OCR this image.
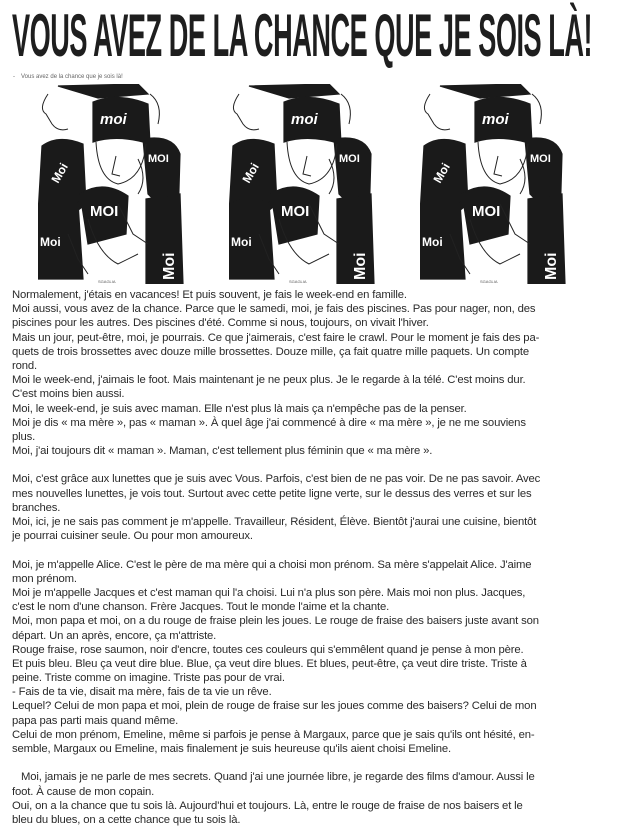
VOUS AVEZ DE LA CHANCE QUE JE SOIS LÀ!
- Vous avez de la chance que je sois là!
moi
MOI
Moi
MOI
Moi
Moi
SGAGLIA
moi
MOI
Moi
MOI
Moi
Moi
SGAGLIA
moi
MOI
Moi
MOI
Moi
Moi
SGAGLIA
Normalement, j'étais en vacances! Et puis souvent, je fais le week-end en famille.
Moi aussi, vous avez de la chance. Parce que le samedi, moi, je fais des piscines. Pas pour nager, non, des
piscines pour les autres. Des piscines d'été. Comme si nous, toujours, on vivait l'hiver.
Mais un jour, peut-être, moi, je pourrais. Ce que j'aimerais, c'est faire le crawl. Pour le moment je fais des pa-
quets de trois brossettes avec douze mille brossettes. Douze mille, ça fait quatre mille paquets. Un compte
rond.
Moi le week-end, j'aimais le foot. Mais maintenant je ne peux plus. Je le regarde à la télé. C'est moins dur.
C'est moins bien aussi.
Moi, le week-end, je suis avec maman. Elle n'est plus là mais ça n'empêche pas de la penser.
Moi je dis « ma mère », pas « maman ». À quel âge j'ai commencé à dire « ma mère », je ne me souviens
plus.
Moi, j'ai toujours dit « maman ». Maman, c'est tellement plus féminin que « ma mère ».
Moi, c'est grâce aux lunettes que je suis avec Vous. Parfois, c'est bien de ne pas voir. De ne pas savoir. Avec
mes nouvelles lunettes, je vois tout. Surtout avec cette petite ligne verte, sur le dessus des verres et sur les
branches.
Moi, ici, je ne sais pas comment je m'appelle. Travailleur, Résident, Élève. Bientôt j'aurai une cuisine, bientôt
je pourrai cuisiner seule. Ou pour mon amoureux.
Moi, je m'appelle Alice. C'est le père de ma mère qui a choisi mon prénom. Sa mère s'appelait Alice. J'aime
mon prénom.
Moi je m'appelle Jacques et c'est maman qui l'a choisi. Lui n'a plus son père. Mais moi non plus. Jacques,
c'est le nom d'une chanson. Frère Jacques. Tout le monde l'aime et la chante.
Moi, mon papa et moi, on a du rouge de fraise plein les joues. Le rouge de fraise des baisers juste avant son
départ. Un an après, encore, ça m'attriste.
Rouge fraise, rose saumon, noir d'encre, toutes ces couleurs qui s'emmêlent quand je pense à mon père.
Et puis bleu. Bleu ça veut dire blue. Blue, ça veut dire blues. Et blues, peut-être, ça veut dire triste. Triste à
peine. Triste comme on imagine. Triste pas pour de vrai.
- Fais de ta vie, disait ma mère, fais de ta vie un rêve.
Lequel? Celui de mon papa et moi, plein de rouge de fraise sur les joues comme des baisers? Celui de mon
papa pas parti mais quand même.
Celui de mon prénom, Emeline, même si parfois je pense à Margaux, parce que je sais qu'ils ont hésité, en-
semble, Margaux ou Emeline, mais finalement je suis heureuse qu'ils aient choisi Emeline.
Moi, jamais je ne parle de mes secrets. Quand j'ai une journée libre, je regarde des films d'amour. Aussi le
foot. À cause de mon copain.
Oui, on a la chance que tu sois là. Aujourd'hui et toujours. Là, entre le rouge de fraise de nos baisers et le
bleu du blues, on a cette chance que tu sois là.
